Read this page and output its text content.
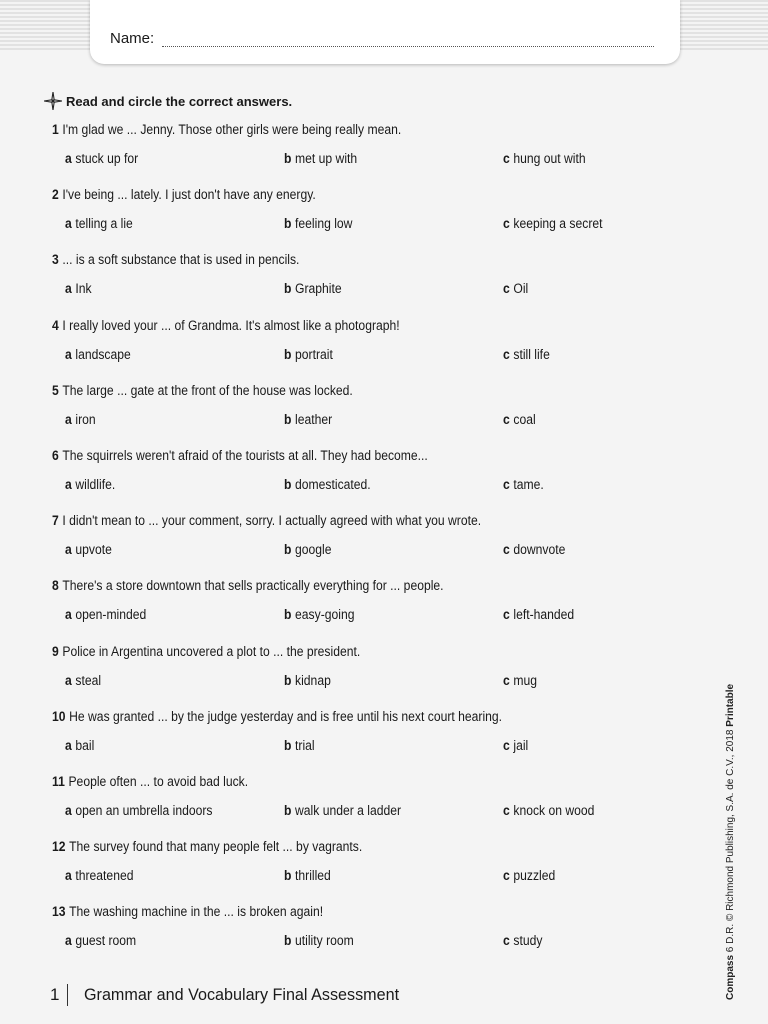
Name:
Read and circle the correct answers.
1 I'm glad we ... Jenny. Those other girls were being really mean.
a stuck up for	b met up with	c hung out with
2 I've being ... lately. I just don't have any energy.
a telling a lie	b feeling low	c keeping a secret
3 ... is a soft substance that is used in pencils.
a Ink	b Graphite	c Oil
4 I really loved your ... of Grandma. It's almost like a photograph!
a landscape	b portrait	c still life
5 The large ... gate at the front of the house was locked.
a iron	b leather	c coal
6 The squirrels weren't afraid of the tourists at all. They had become...
a wildlife.	b domesticated.	c tame.
7 I didn't mean to ... your comment, sorry. I actually agreed with what you wrote.
a upvote	b google	c downvote
8 There's a store downtown that sells practically everything for ... people.
a open-minded	b easy-going	c left-handed
9 Police in Argentina uncovered a plot to ... the president.
a steal	b kidnap	c mug
10 He was granted ... by the judge yesterday and is free until his next court hearing.
a bail	b trial	c jail
11 People often ... to avoid bad luck.
a open an umbrella indoors	b walk under a ladder	c knock on wood
12 The survey found that many people felt ... by vagrants.
a threatened	b thrilled	c puzzled
13 The washing machine in the ... is broken again!
a guest room	b utility room	c study
1 Grammar and Vocabulary Final Assessment	Compass 6 D.R. © Richmond Publishing, S.A. de C.V., 2018 Printable
